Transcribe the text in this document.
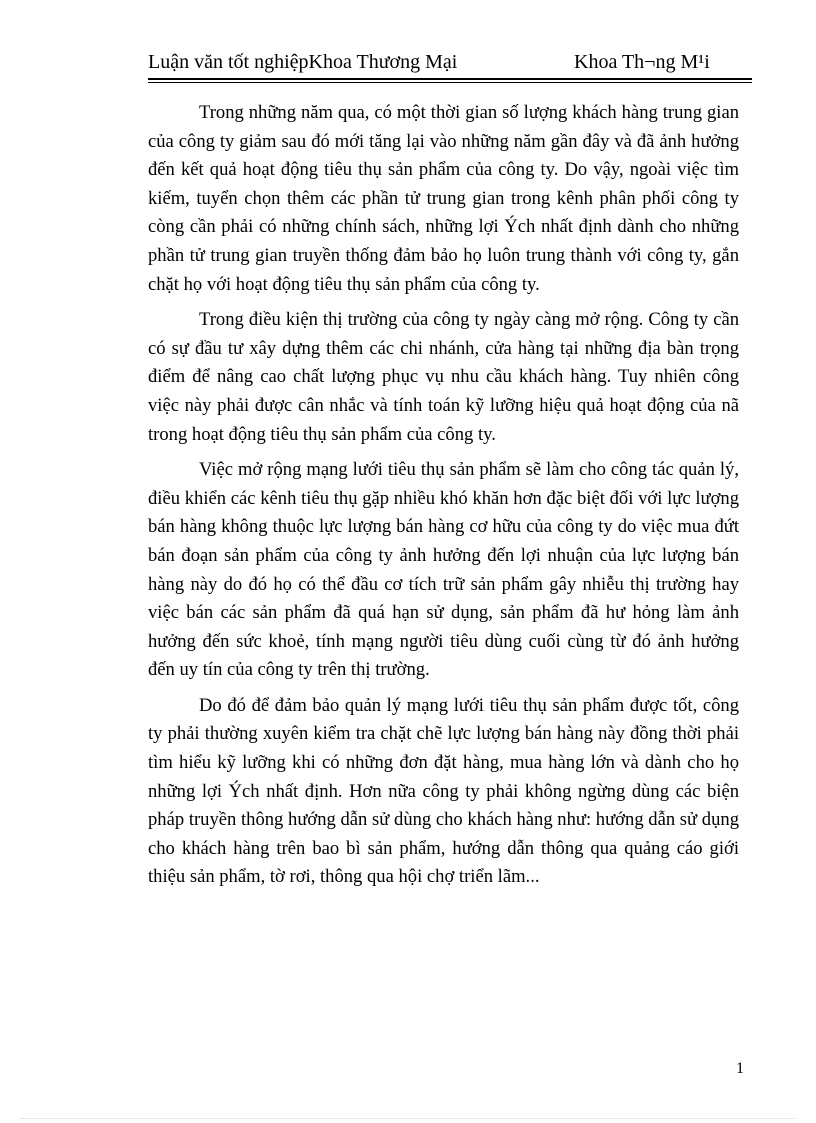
Luận văn tốt nghiệpKhoa Thương Mại	Khoa Th¬ng M¹i

Trong những năm qua, có một thời gian số lượng khách hàng trung gian của công ty giảm sau đó mới tăng lại vào những năm gần đây và đã ảnh hưởng đến kết quả hoạt động tiêu thụ sản phẩm của công ty. Do vậy, ngoài việc tìm kiếm, tuyển chọn thêm các phần tử trung gian trong kênh phân phối công ty còng cần phải có những chính sách, những lợi Ých nhất định dành cho những phần tử trung gian truyền thống đảm bảo họ luôn trung thành với công ty, gắn chặt họ với hoạt động tiêu thụ sản phẩm của công ty.

Trong điều kiện thị trường của công ty ngày càng mở rộng. Công ty cần có sự đầu tư xây dựng thêm các chi nhánh, cửa hàng tại những địa bàn trọng điểm để nâng cao chất lượng phục vụ nhu cầu khách hàng. Tuy nhiên công việc này phải được cân nhắc và tính toán kỹ lưỡng hiệu quả hoạt động của nã trong hoạt động tiêu thụ sản phẩm của công ty.

Việc mở rộng mạng lưới tiêu thụ sản phẩm sẽ làm cho công tác quản lý, điều khiển các kênh tiêu thụ gặp nhiều khó khăn hơn đặc biệt đối với lực lượng bán hàng không thuộc lực lượng bán hàng cơ hữu của công ty do việc mua đứt bán đoạn sản phẩm của công ty ảnh hưởng đến lợi nhuận của lực lượng bán hàng này do đó họ có thể đầu cơ tích trữ sản phẩm gây nhiễu thị trường hay việc bán các sản phẩm đã quá hạn sử dụng, sản phẩm đã hư hỏng làm ảnh hưởng đến sức khoẻ, tính mạng người tiêu dùng cuối cùng từ đó ảnh hưởng đến uy tín của công ty trên thị trường.

Do đó để đảm bảo quản lý mạng lưới tiêu thụ sản phẩm được tốt, công ty phải thường xuyên kiểm tra chặt chẽ lực lượng bán hàng này đồng thời phải tìm hiểu kỹ lưỡng khi có những đơn đặt hàng, mua hàng lớn và dành cho họ những lợi Ých nhất định. Hơn nữa công ty phải không ngừng dùng các biện pháp truyền thông hướng dẫn sử dùng cho khách hàng như: hướng dẫn sử dụng cho khách hàng trên bao bì sản phẩm, hướng dẫn thông qua quảng cáo giới thiệu sản phẩm, tờ rơi, thông qua hội chợ triển lãm...

1
